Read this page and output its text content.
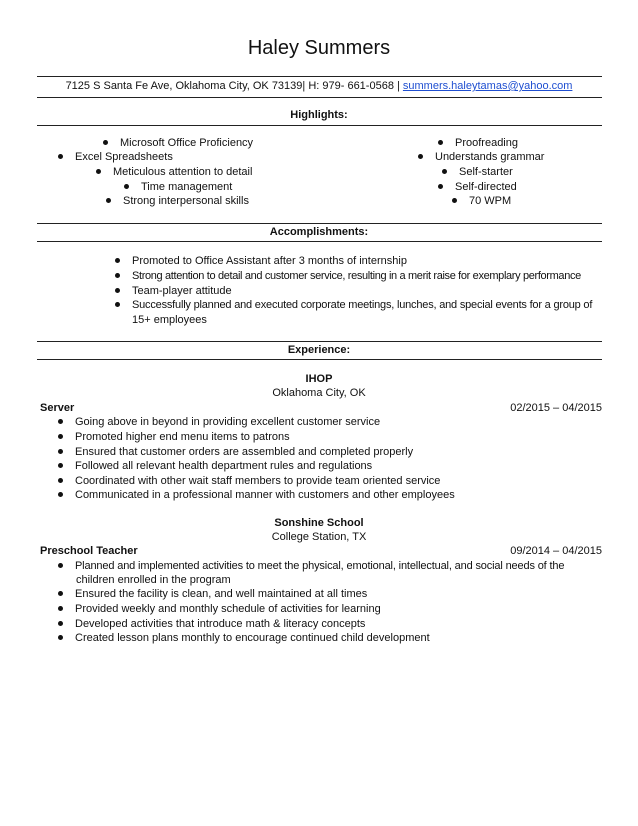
Haley Summers
7125 S Santa Fe Ave, Oklahoma City, OK 73139| H: 979- 661-0568 | summers.haleytamas@yahoo.com
Highlights:
Microsoft Office Proficiency
Excel Spreadsheets
Meticulous attention to detail
Time management
Strong interpersonal skills
Proofreading
Understands grammar
Self-starter
Self-directed
70 WPM
Accomplishments:
Promoted to Office Assistant after 3 months of internship
Strong attention to detail and customer service, resulting in a merit raise for exemplary performance
Team-player attitude
Successfully planned and executed corporate meetings, lunches, and special events for a group of
15+ employees
Experience:
IHOP
Oklahoma City, OK
Server	02/2015 – 04/2015
Going above in beyond in providing excellent customer service
Promoted higher end menu items to patrons
Ensured that customer orders are assembled and completed properly
Followed all relevant health department rules and regulations
Coordinated with other wait staff members to provide team oriented service
Communicated in a professional manner with customers and other employees
Sonshine School
College Station, TX
Preschool Teacher	09/2014 – 04/2015
Planned and implemented activities to meet the physical, emotional, intellectual, and social needs of the
children enrolled in the program
Ensured the facility is clean, and well maintained at all times
Provided weekly and monthly schedule of activities for learning
Developed activities that introduce math & literacy concepts
Created lesson plans monthly to encourage continued child development
